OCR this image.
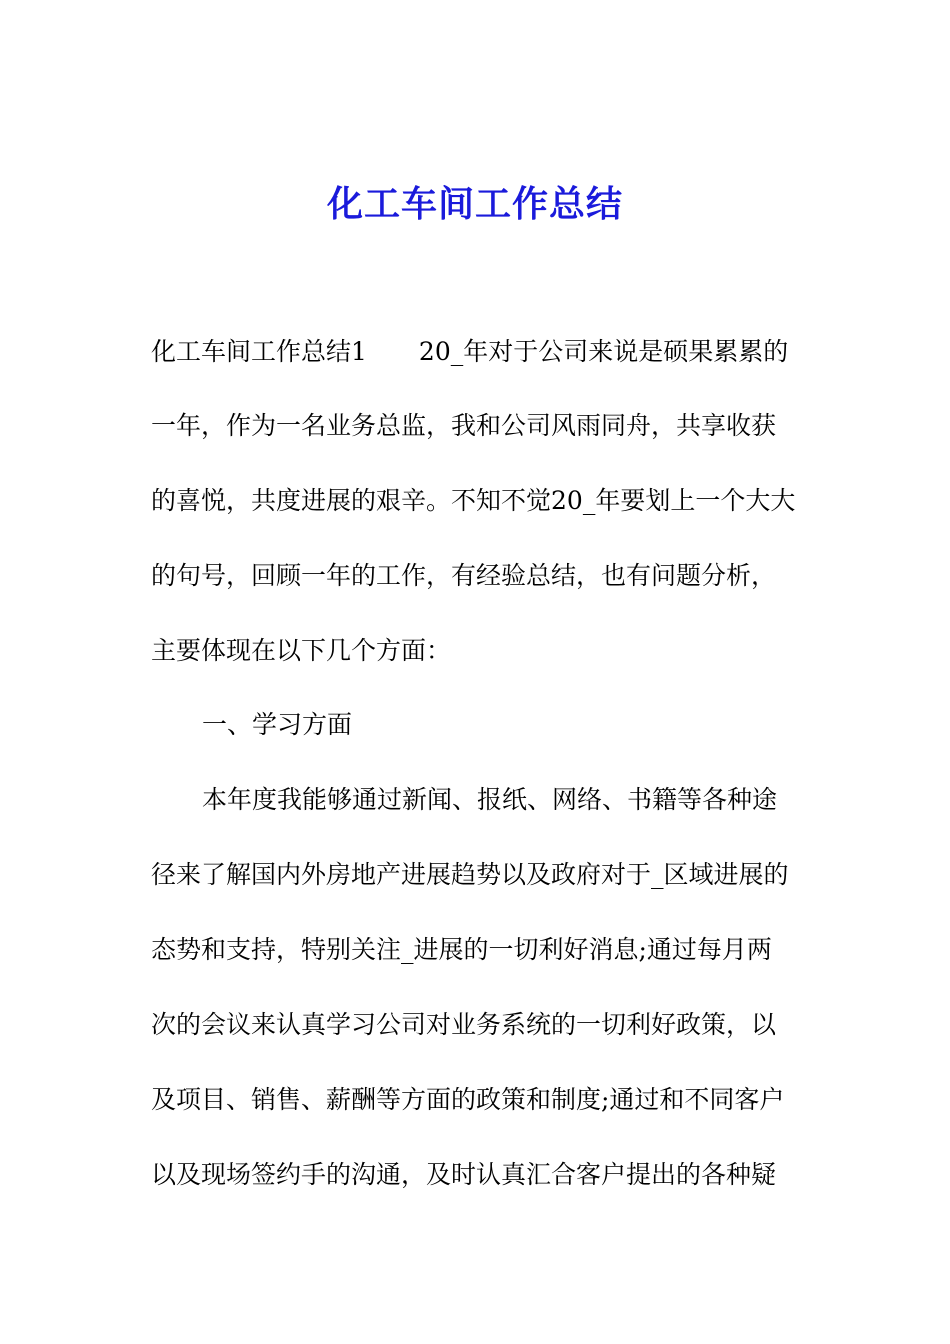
化工车间工作总结
化工车间工作总结1 20_年对于公司来说是硕果累累的
一年，作为一名业务总监，我和公司风雨同舟，共享收获
的喜悦，共度进展的艰辛。不知不觉20_年要划上一个大大
的句号，回顾一年的工作，有经验总结，也有问题分析，
主要体现在以下几个方面：
一、学习方面
本年度我能够通过新闻、报纸、网络、书籍等各种途
径来了解国内外房地产进展趋势以及政府对于_区域进展的
态势和支持，特别关注_进展的一切利好消息;通过每月两
次的会议来认真学习公司对业务系统的一切利好政策，以
及项目、销售、薪酬等方面的政策和制度;通过和不同客户
以及现场签约手的沟通，及时认真汇合客户提出的各种疑
